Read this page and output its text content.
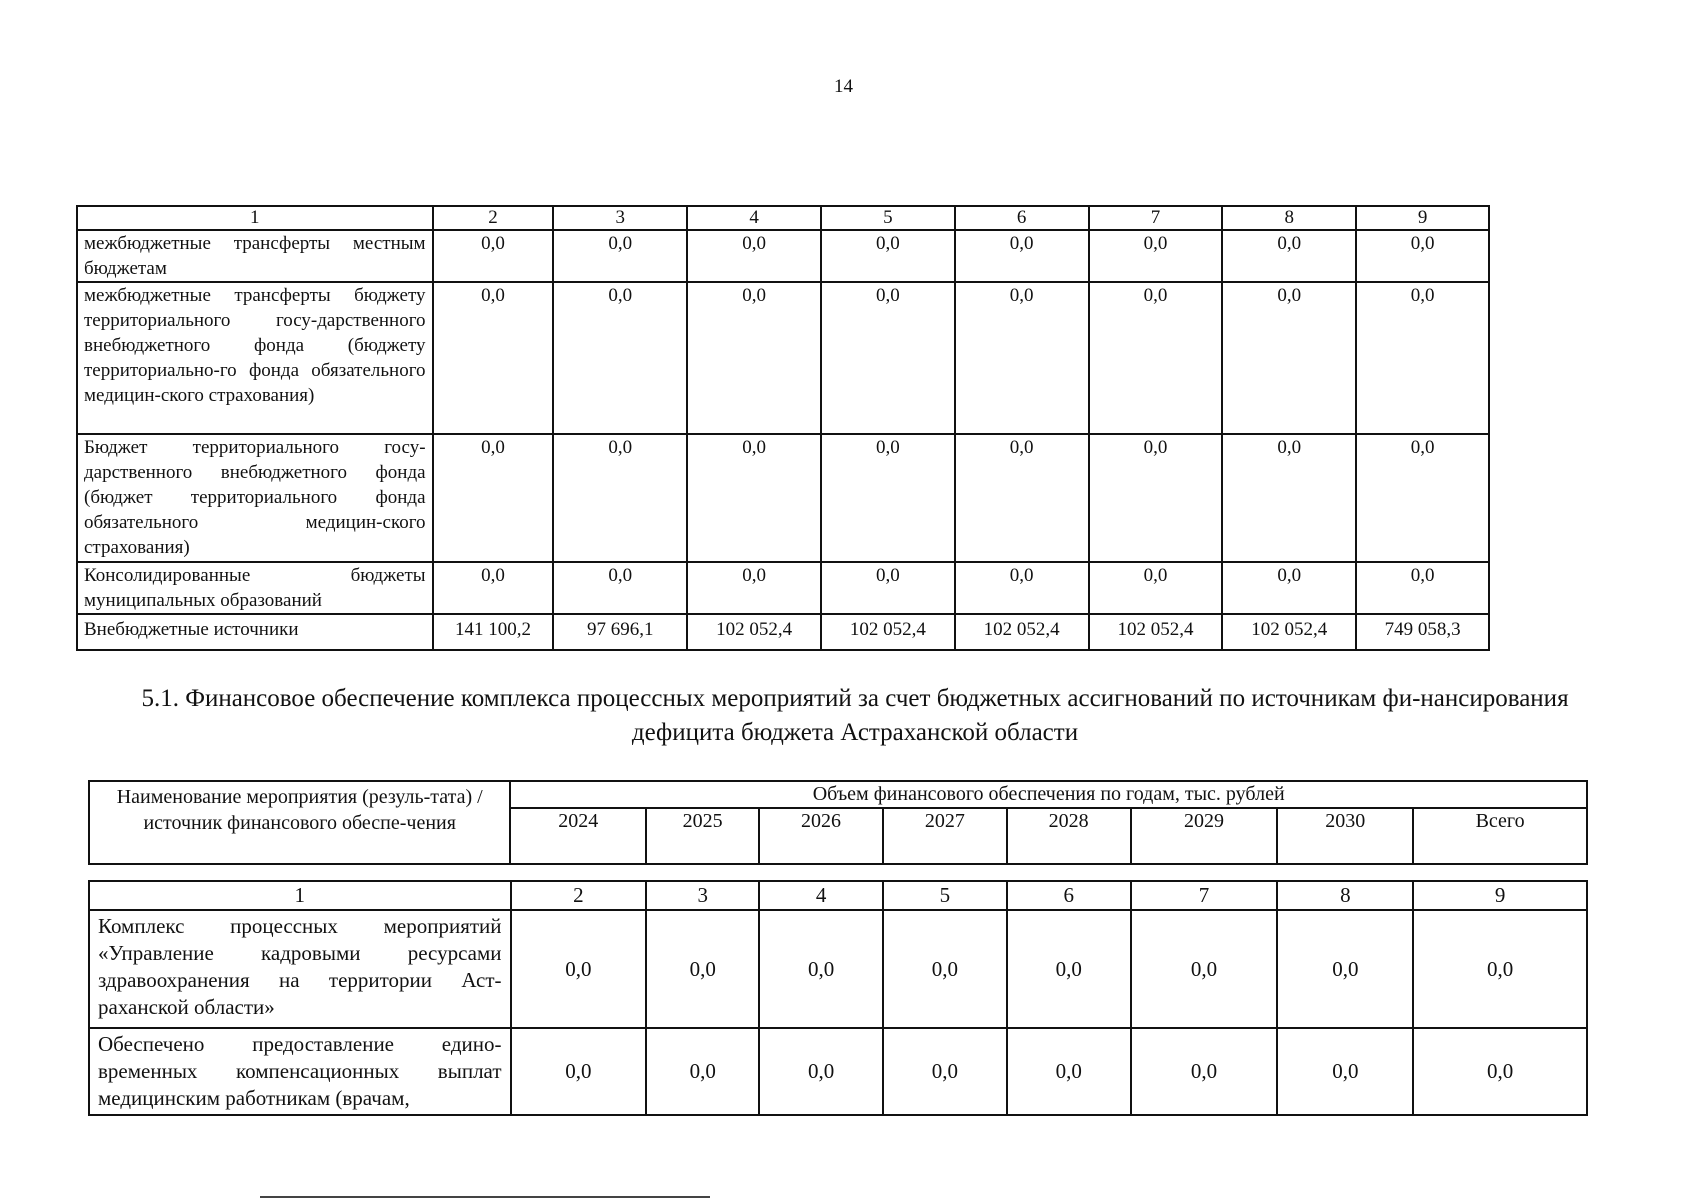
14
1	2	3	4	5	6	7	8	9
межбюджетные трансферты местным бюджетам	0,0	0,0	0,0	0,0	0,0	0,0	0,0	0,0
межбюджетные трансферты бюджету территориального госу-дарственного внебюджетного фонда (бюджету территориально-го фонда обязательного медицин-ского страхования)	0,0	0,0	0,0	0,0	0,0	0,0	0,0	0,0
Бюджет территориального госу-дарственного внебюджетного фонда (бюджет территориального фонда обязательного медицин-ского страхования)	0,0	0,0	0,0	0,0	0,0	0,0	0,0	0,0
Консолидированные бюджеты муниципальных образований	0,0	0,0	0,0	0,0	0,0	0,0	0,0	0,0
Внебюджетные источники	141 100,2	97 696,1	102 052,4	102 052,4	102 052,4	102 052,4	102 052,4	749 058,3
5.1. Финансовое обеспечение комплекса процессных мероприятий за счет бюджетных ассигнований по источникам фи-нансирования дефицита бюджета Астраханской области
Наименование мероприятия (резуль-тата) / источник финансового обеспе-чения	Объем финансового обеспечения по годам, тыс. рублей							
	2024	2025	2026	2027	2028	2029	2030	Всего
1	2	3	4	5	6	7	8	9
Комплекс процессных мероприятий «Управление кадровыми ресурсами здравоохранения на территории Аст-раханской области»	0,0	0,0	0,0	0,0	0,0	0,0	0,0	0,0
Обеспечено предоставление едино-временных компенсационных выплат медицинским работникам (врачам,	0,0	0,0	0,0	0,0	0,0	0,0	0,0	0,0
